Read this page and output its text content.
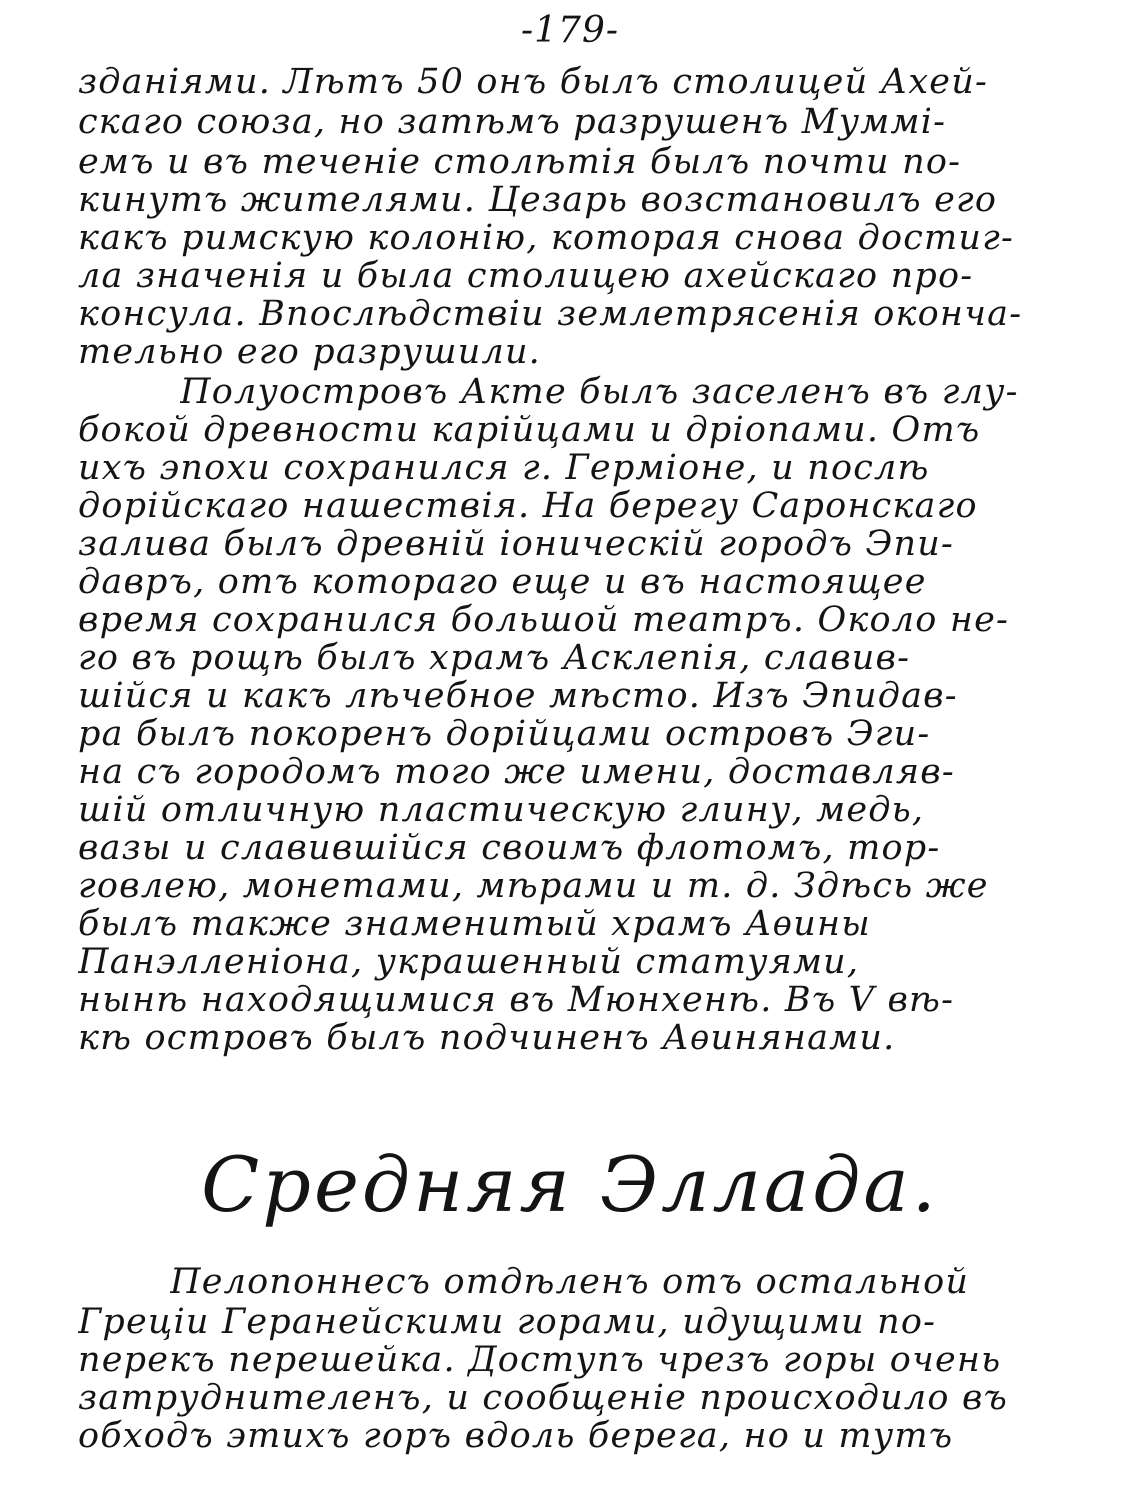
-179-
зданiями. Лѣтъ 50 онъ былъ столицей Ахей-
скаго союза, но затѣмъ разрушенъ Муммi-
емъ и въ теченiе столѣтiя былъ почти по-
кинутъ жителями. Цезарь возстановилъ его
какъ римскую колонiю, которая снова достиг-
ла значенiя и была столицею ахейскаго про-
консула. Впослѣдствiи землетрясенiя оконча-
тельно его разрушили.
Полуостровъ Акте былъ заселенъ въ глу-
бокой древности карiйцами и дрiопами. Отъ
ихъ эпохи сохранился г. Гермiоне, и послѣ
дорiйскаго нашествiя. На берегу Саронскаго
залива былъ древнiй iоническiй городъ Эпи-
давръ, отъ котораго еще и въ настоящее
время сохранился большой театръ. Около не-
го въ рощѣ былъ храмъ Асклепiя, славив-
шiйся и какъ лѣчебное мѣсто. Изъ Эпидав-
ра былъ покоренъ дорiйцами островъ Эги-
на съ городомъ того же имени, доставляв-
шiй отличную пластическую глину, медь,
вазы и славившiйся своимъ флотомъ, тор-
говлею, монетами, мѣрами и т. д. Здѣсь же
былъ также знаменитый храмъ Аѳины
Панэлленiона, украшенный статуями,
нынѣ находящимися въ Мюнхенѣ. Въ V вѣ-
кѣ островъ былъ подчиненъ Аѳинянами.
Средняя Эллада.
Пелопоннесъ отдѣленъ отъ остальной
Грецiи Геранейскими горами, идущими по-
перекъ перешейка. Доступъ чрезъ горы очень
затруднителенъ, и сообщенiе происходило въ
обходъ этихъ горъ вдоль берега, но и тутъ
